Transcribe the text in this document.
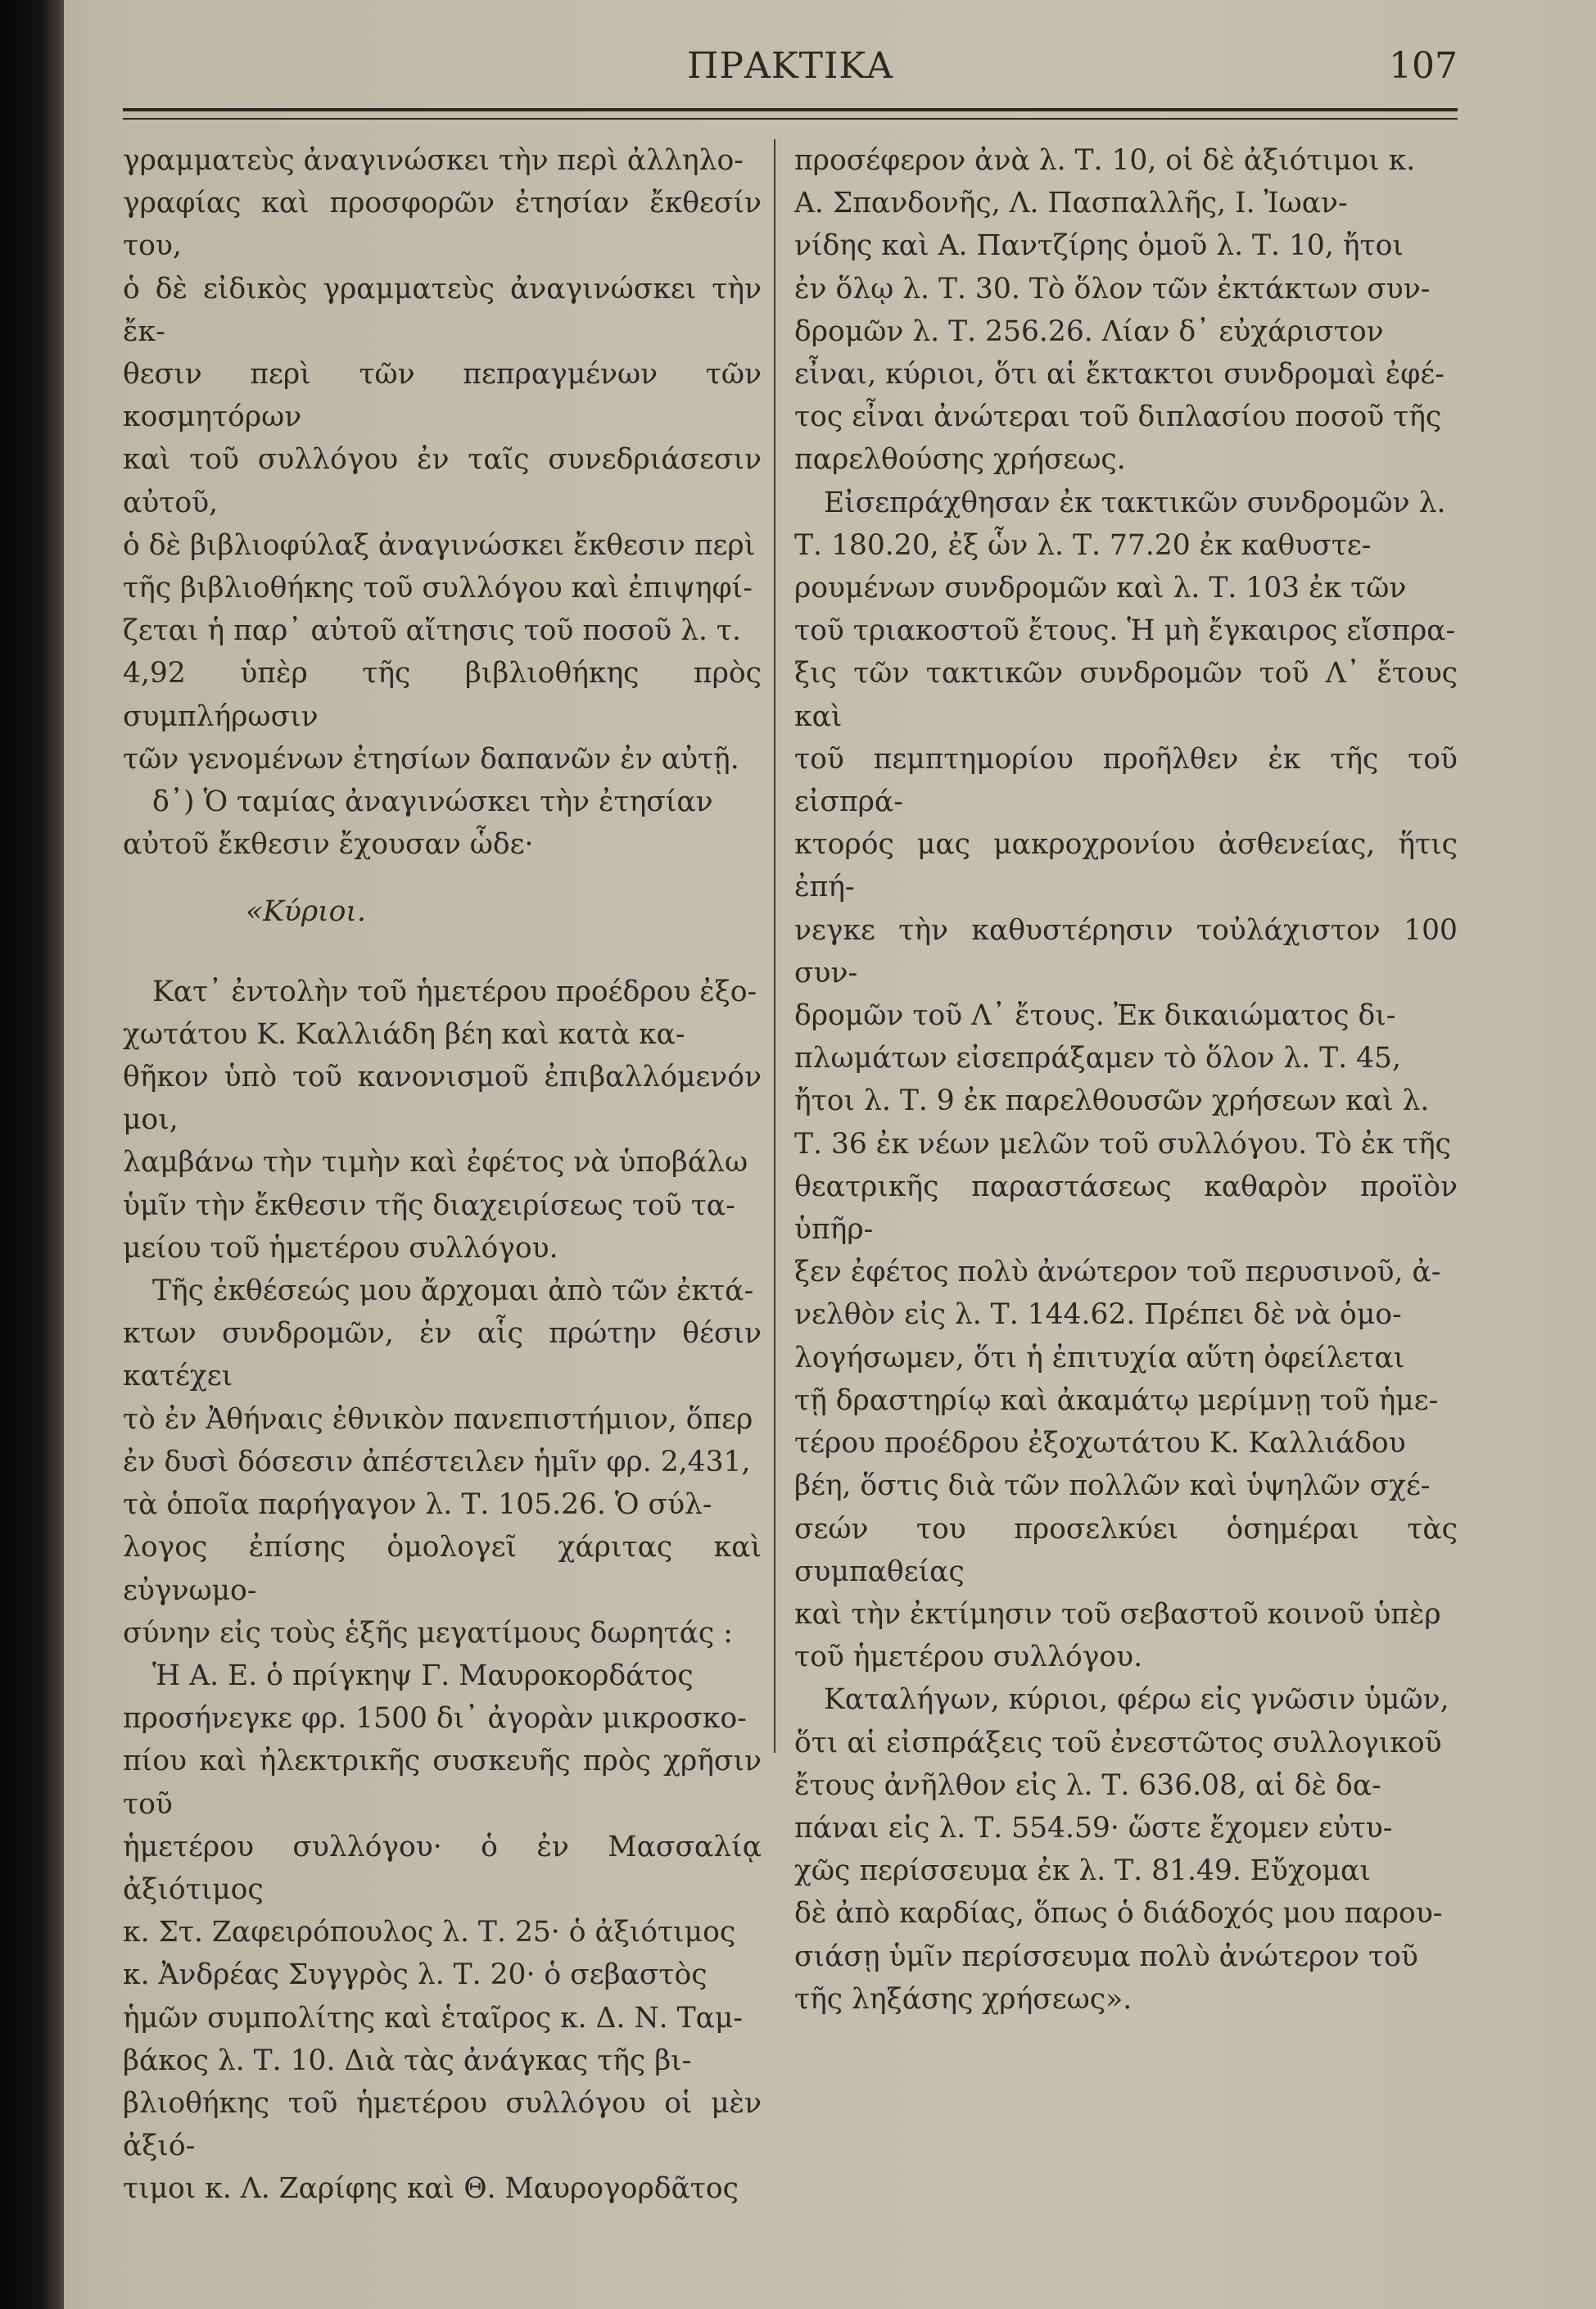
ΠΡΑΚΤΙΚΑ	107

γραμματεὺς ἀναγινώσκει τὴν περὶ ἀλληλο-
γραφίας καὶ προσφορῶν ἐτησίαν ἔκθεσίν του,
ὁ δὲ εἰδικὸς γραμματεὺς ἀναγινώσκει τὴν ἔκ-
θεσιν περὶ τῶν πεπραγμένων τῶν κοσμητόρων
καὶ τοῦ συλλόγου ἐν ταῖς συνεδριάσεσιν αὐτοῦ,
ὁ δὲ βιβλιοφύλαξ ἀναγινώσκει ἔκθεσιν περὶ
τῆς βιβλιοθήκης τοῦ συλλόγου καὶ ἐπιψηφί-
ζεται ἡ παρ᾽ αὐτοῦ αἴτησις τοῦ ποσοῦ λ. τ.
4,92 ὑπὲρ τῆς βιβλιοθήκης πρὸς συμπλήρωσιν
τῶν γενομένων ἐτησίων δαπανῶν ἐν αὐτῇ.

δ᾽) Ὁ ταμίας ἀναγινώσκει τὴν ἐτησίαν
αὐτοῦ ἔκθεσιν ἔχουσαν ὧδε·

«Κύριοι.

Κατ᾽ ἐντολὴν τοῦ ἡμετέρου προέδρου ἐξο-
χωτάτου Κ. Καλλιάδη βέη καὶ κατὰ κα-
θῆκον ὑπὸ τοῦ κανονισμοῦ ἐπιβαλλόμενόν μοι,
λαμβάνω τὴν τιμὴν καὶ ἐφέτος νὰ ὑποβάλω
ὑμῖν τὴν ἔκθεσιν τῆς διαχειρίσεως τοῦ τα-
μείου τοῦ ἡμετέρου συλλόγου.

Τῆς ἐκθέσεώς μου ἄρχομαι ἀπὸ τῶν ἐκτά-
κτων συνδρομῶν, ἐν αἷς πρώτην θέσιν κατέχει
τὸ ἐν Ἀθήναις ἐθνικὸν πανεπιστήμιον, ὅπερ
ἐν δυσὶ δόσεσιν ἀπέστειλεν ἡμῖν φρ. 2,431,
τὰ ὁποῖα παρήγαγον λ. Τ. 105.26. Ὁ σύλ-
λογος ἐπίσης ὁμολογεῖ χάριτας καὶ εὐγνωμο-
σύνην εἰς τοὺς ἑξῆς μεγατίμους δωρητάς :

Ἡ Α. Ε. ὁ πρίγκηψ Γ. Μαυροκορδάτος
προσήνεγκε φρ. 1500 δι᾽ ἀγορὰν μικροσκο-
πίου καὶ ἠλεκτρικῆς συσκευῆς πρὸς χρῆσιν τοῦ
ἡμετέρου συλλόγου· ὁ ἐν Μασσαλίᾳ ἀξιότιμος
κ. Στ. Ζαφειρόπουλος λ. Τ. 25· ὁ ἀξιότιμος
κ. Ἀνδρέας Συγγρὸς λ. Τ. 20· ὁ σεβαστὸς
ἡμῶν συμπολίτης καὶ ἑταῖρος κ. Δ. Ν. Ταμ-
βάκος λ. Τ. 10. Διὰ τὰς ἀνάγκας τῆς βι-
βλιοθήκης τοῦ ἡμετέρου συλλόγου οἱ μὲν ἀξιό-
τιμοι κ. Λ. Ζαρίφης καὶ Θ. Μαυρογορδᾶτος

προσέφερον ἀνὰ λ. Τ. 10, οἱ δὲ ἀξιότιμοι κ.
Α. Σπανδονῆς, Λ. Πασπαλλῆς, Ι. Ἰωαν-
νίδης καὶ Α. Παντζίρης ὁμοῦ λ. Τ. 10, ἤτοι
ἐν ὅλῳ λ. Τ. 30. Τὸ ὅλον τῶν ἐκτάκτων συν-
δρομῶν λ. Τ. 256.26. Λίαν δ᾽ εὐχάριστον
εἶναι, κύριοι, ὅτι αἱ ἔκτακτοι συνδρομαὶ ἐφέ-
τος εἶναι ἀνώτεραι τοῦ διπλασίου ποσοῦ τῆς
παρελθούσης χρήσεως.

Εἰσεπράχθησαν ἐκ τακτικῶν συνδρομῶν λ.
Τ. 180.20, ἐξ ὧν λ. Τ. 77.20 ἐκ καθυστε-
ρουμένων συνδρομῶν καὶ λ. Τ. 103 ἐκ τῶν
τοῦ τριακοστοῦ ἔτους. Ἡ μὴ ἔγκαιρος εἴσπρα-
ξις τῶν τακτικῶν συνδρομῶν τοῦ Λ᾽ ἔτους καὶ
τοῦ πεμπτημορίου προῆλθεν ἐκ τῆς τοῦ εἰσπρά-
κτορός μας μακροχρονίου ἀσθενείας, ἥτις ἐπή-
νεγκε τὴν καθυστέρησιν τοὐλάχιστον 100 συν-
δρομῶν τοῦ Λ᾽ ἔτους. Ἐκ δικαιώματος δι-
πλωμάτων εἰσεπράξαμεν τὸ ὅλον λ. Τ. 45,
ἤτοι λ. Τ. 9 ἐκ παρελθουσῶν χρήσεων καὶ λ.
Τ. 36 ἐκ νέων μελῶν τοῦ συλλόγου. Τὸ ἐκ τῆς
θεατρικῆς παραστάσεως καθαρὸν προϊὸν ὑπῆρ-
ξεν ἐφέτος πολὺ ἀνώτερον τοῦ περυσινοῦ, ἀ-
νελθὸν εἰς λ. Τ. 144.62. Πρέπει δὲ νὰ ὁμο-
λογήσωμεν, ὅτι ἡ ἐπιτυχία αὕτη ὀφείλεται
τῇ δραστηρίῳ καὶ ἀκαμάτῳ μερίμνῃ τοῦ ἡμε-
τέρου προέδρου ἐξοχωτάτου Κ. Καλλιάδου
βέη, ὅστις διὰ τῶν πολλῶν καὶ ὑψηλῶν σχέ-
σεών του προσελκύει ὁσημέραι τὰς συμπαθείας
καὶ τὴν ἐκτίμησιν τοῦ σεβαστοῦ κοινοῦ ὑπὲρ
τοῦ ἡμετέρου συλλόγου.

Καταλήγων, κύριοι, φέρω εἰς γνῶσιν ὑμῶν,
ὅτι αἱ εἰσπράξεις τοῦ ἐνεστῶτος συλλογικοῦ
ἔτους ἀνῆλθον εἰς λ. Τ. 636.08, αἱ δὲ δα-
πάναι εἰς λ. Τ. 554.59· ὥστε ἔχομεν εὐτυ-
χῶς περίσσευμα ἐκ λ. Τ. 81.49. Εὔχομαι
δὲ ἀπὸ καρδίας, ὅπως ὁ διάδοχός μου παρου-
σιάσῃ ὑμῖν περίσσευμα πολὺ ἀνώτερον τοῦ
τῆς ληξάσης χρήσεως».
